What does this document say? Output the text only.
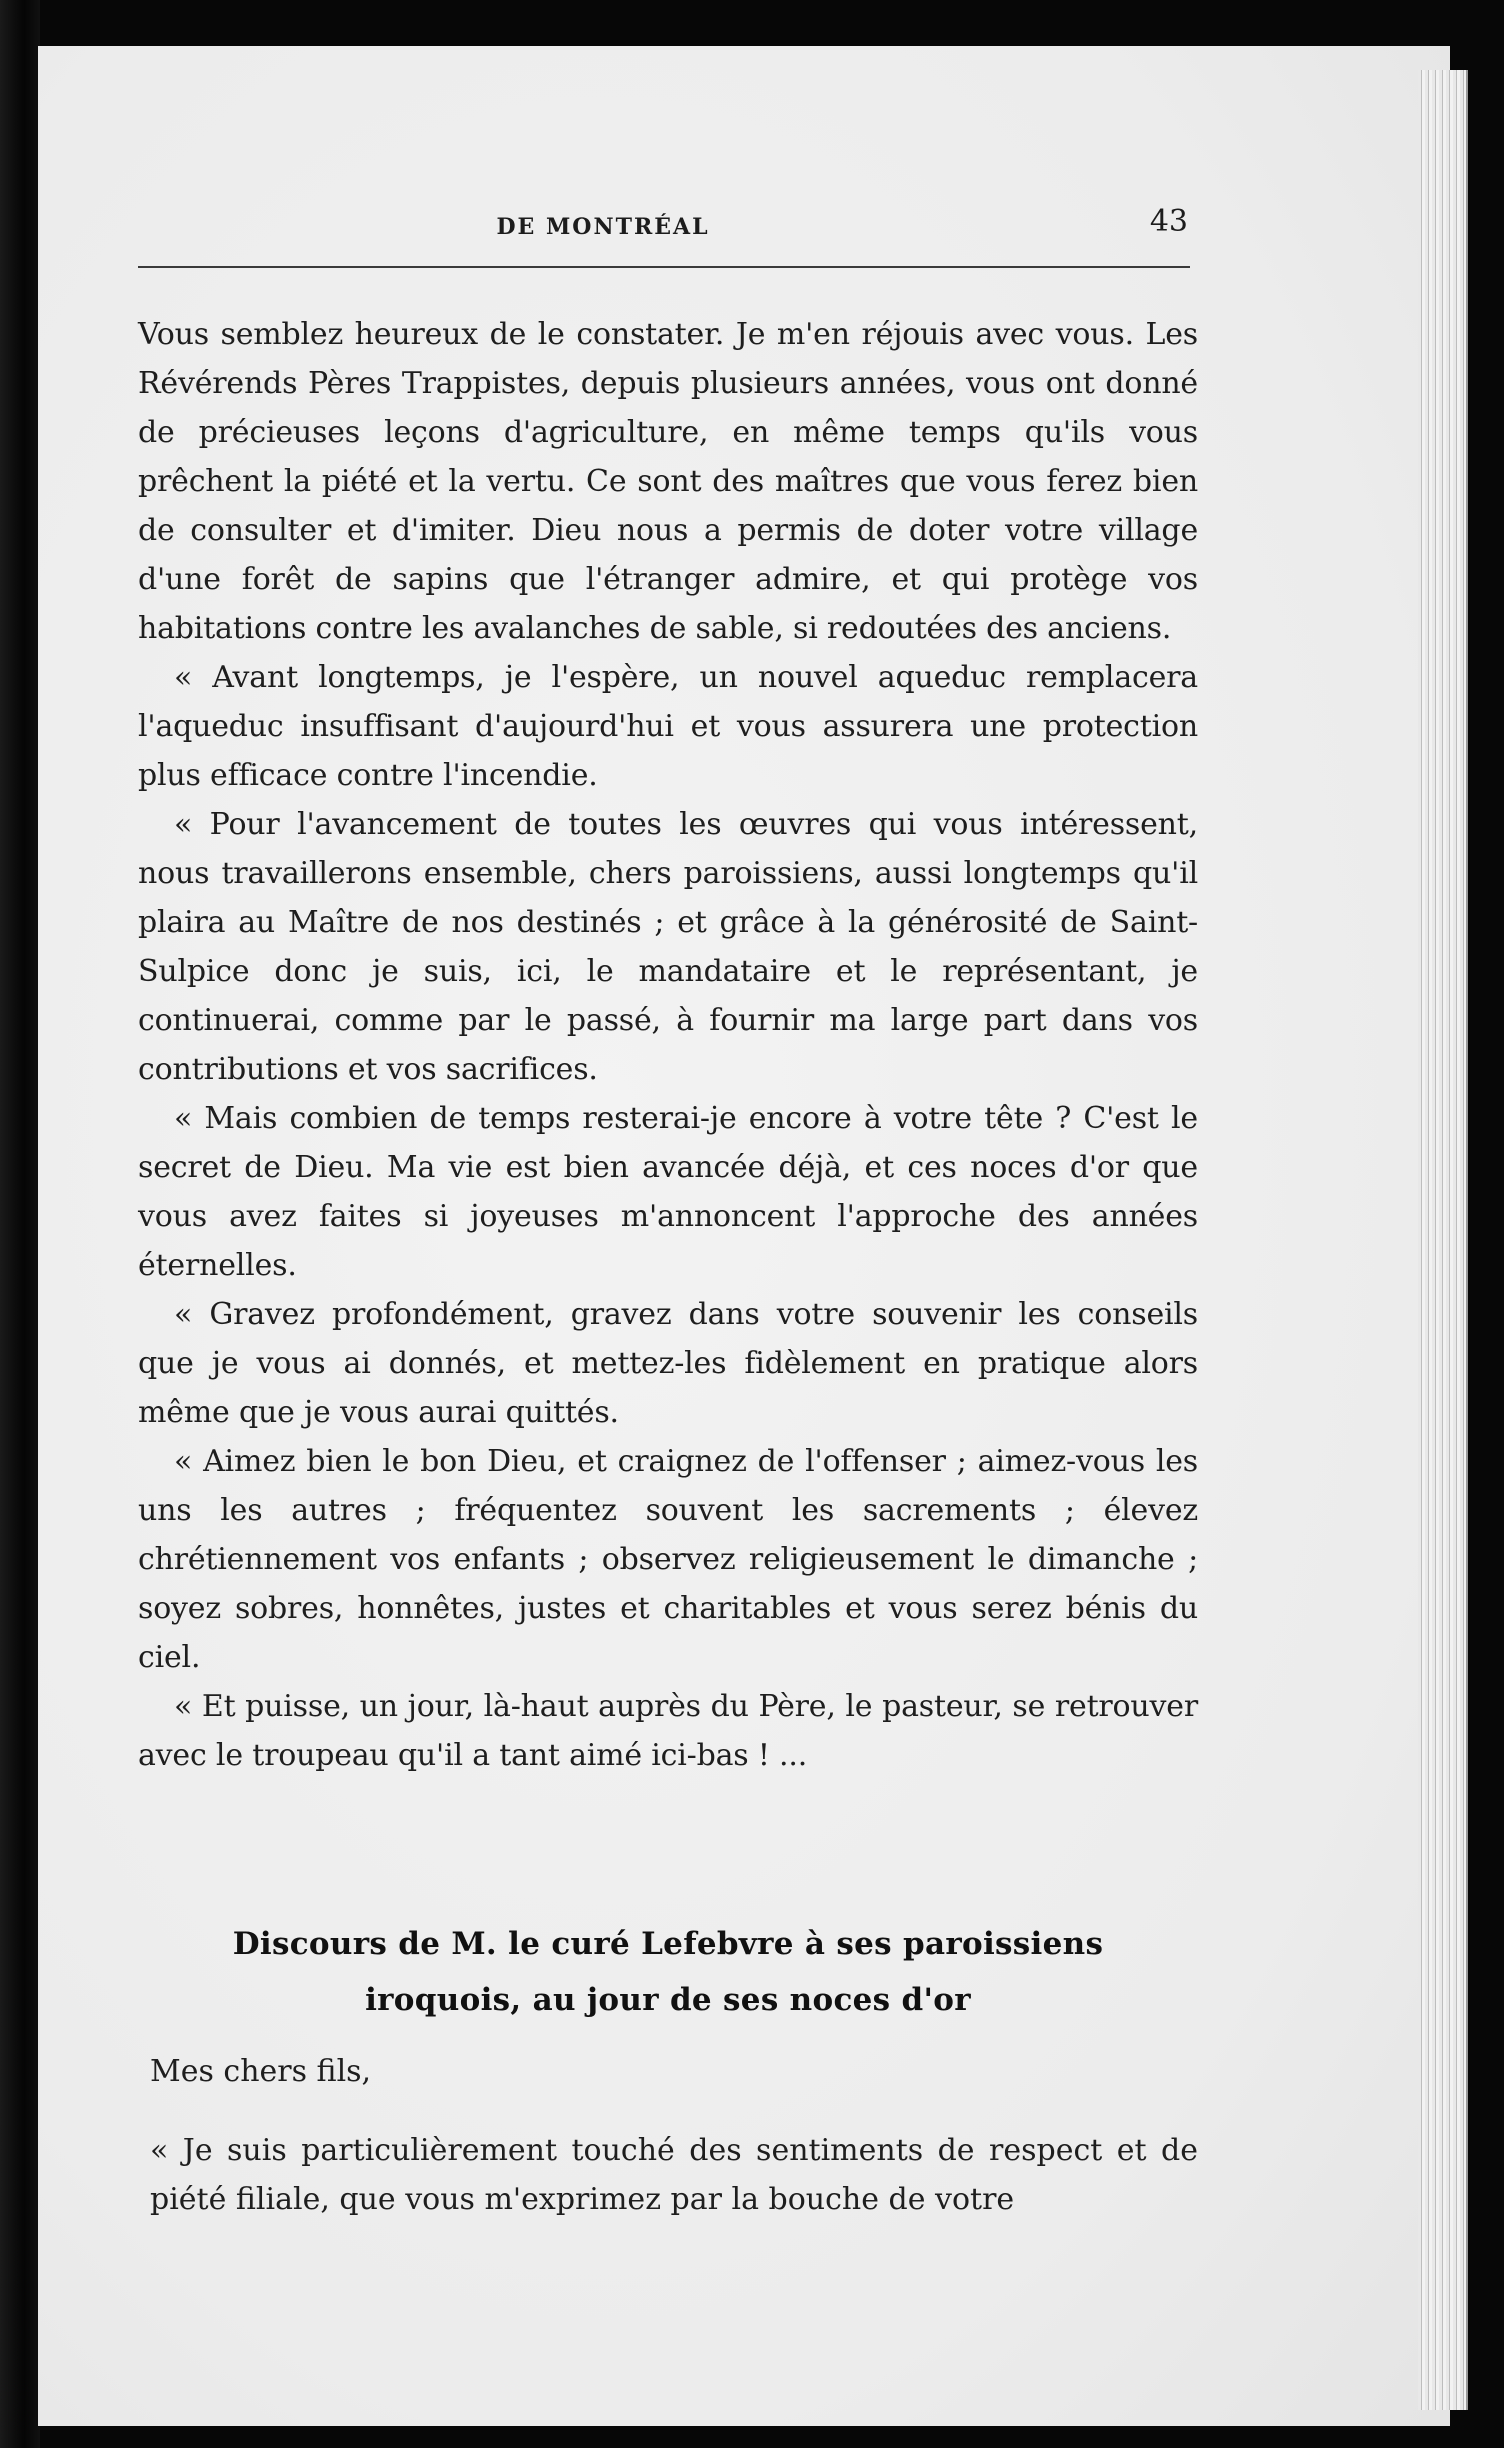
DE MONTRÉAL	43

Vous semblez heureux de le constater. Je m'en réjouis avec vous. Les Révérends Pères Trappistes, depuis plusieurs années, vous ont donné de précieuses leçons d'agriculture, en même temps qu'ils vous prêchent la piété et la vertu. Ce sont des maîtres que vous ferez bien de consulter et d'imiter. Dieu nous a permis de doter votre village d'une forêt de sapins que l'étranger admire, et qui protège vos habitations contre les avalanches de sable, si redoutées des anciens.

« Avant longtemps, je l'espère, un nouvel aqueduc remplacera l'aqueduc insuffisant d'aujourd'hui et vous assurera une protection plus efficace contre l'incendie.

« Pour l'avancement de toutes les œuvres qui vous intéressent, nous travaillerons ensemble, chers paroissiens, aussi longtemps qu'il plaira au Maître de nos destinés ; et grâce à la générosité de Saint-Sulpice donc je suis, ici, le mandataire et le représentant, je continuerai, comme par le passé, à fournir ma large part dans vos contributions et vos sacrifices.

« Mais combien de temps resterai-je encore à votre tête ? C'est le secret de Dieu. Ma vie est bien avancée déjà, et ces noces d'or que vous avez faites si joyeuses m'annoncent l'approche des années éternelles.

« Gravez profondément, gravez dans votre souvenir les conseils que je vous ai donnés, et mettez-les fidèlement en pratique alors même que je vous aurai quittés.

« Aimez bien le bon Dieu, et craignez de l'offenser ; aimez-vous les uns les autres ; fréquentez souvent les sacrements ; élevez chrétiennement vos enfants ; observez religieusement le dimanche ; soyez sobres, honnêtes, justes et charitables et vous serez bénis du ciel.

« Et puisse, un jour, là-haut auprès du Père, le pasteur, se retrouver avec le troupeau qu'il a tant aimé ici-bas ! ...

Discours de M. le curé Lefebvre à ses paroissiens
iroquois, au jour de ses noces d'or
Mes chers fils,

« Je suis particulièrement touché des sentiments de respect et de piété filiale, que vous m'exprimez par la bouche de votre
